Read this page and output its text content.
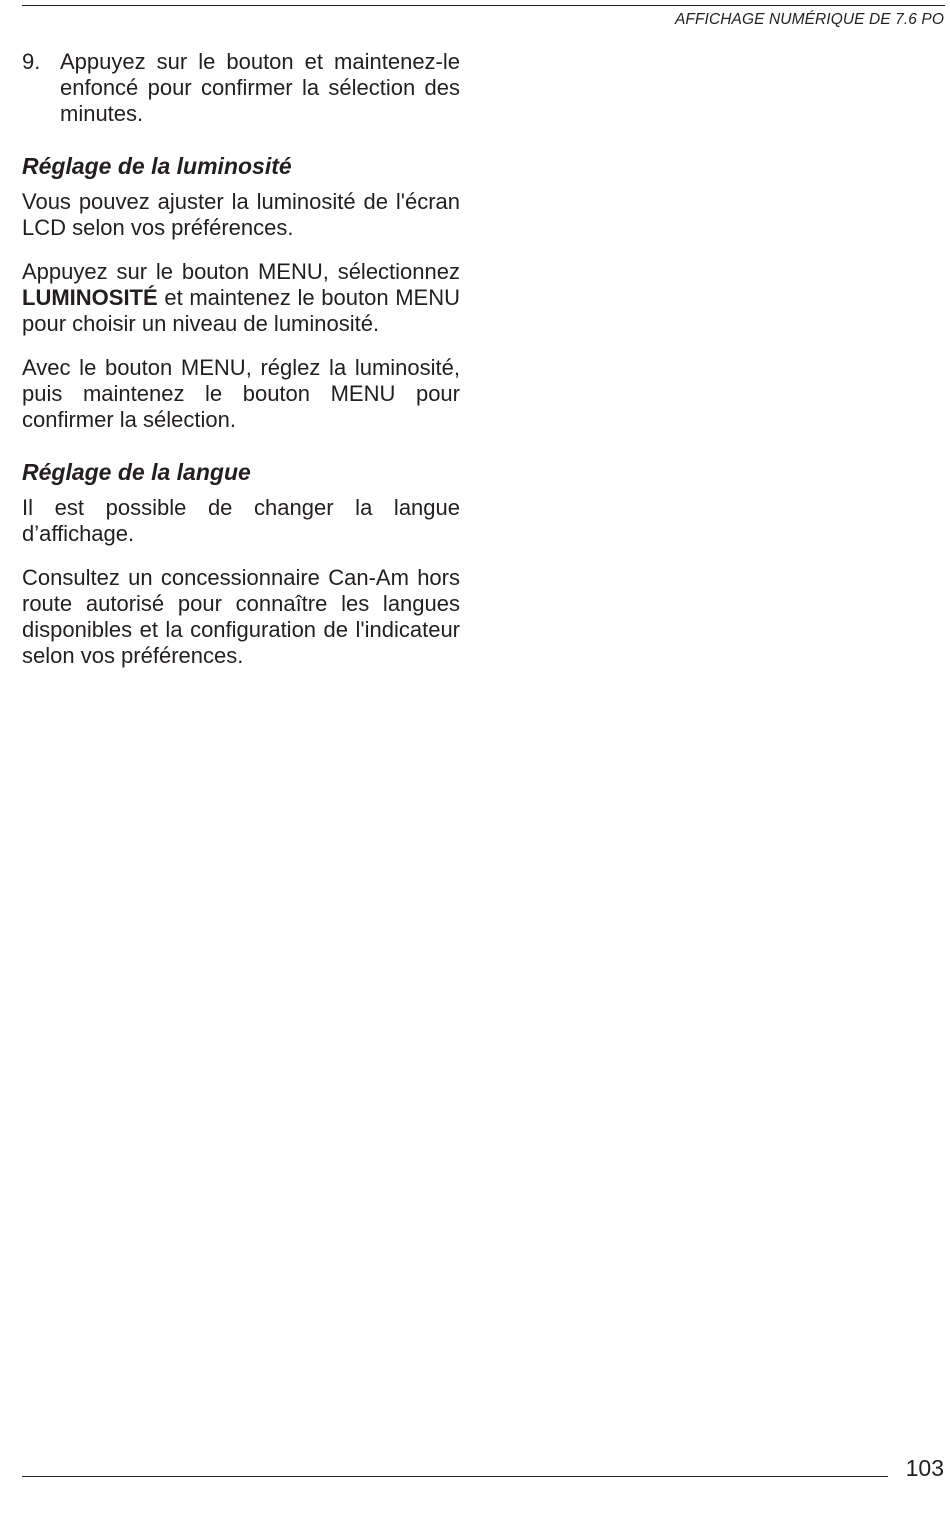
AFFICHAGE NUMÉRIQUE DE 7.6 PO
9. Appuyez sur le bouton et maintenez-le enfoncé pour confirmer la sélection des minutes.
Réglage de la luminosité

Vous pouvez ajuster la luminosité de l'écran LCD selon vos préférences.

Appuyez sur le bouton MENU, sélectionnez LUMINOSITÉ et maintenez le bouton MENU pour choisir un niveau de luminosité.

Avec le bouton MENU, réglez la luminosité, puis maintenez le bouton MENU pour confirmer la sélection.

Réglage de la langue

Il est possible de changer la langue d’affichage.

Consultez un concessionnaire Can-Am hors route autorisé pour connaître les langues disponibles et la configuration de l'indicateur selon vos préférences.

103
